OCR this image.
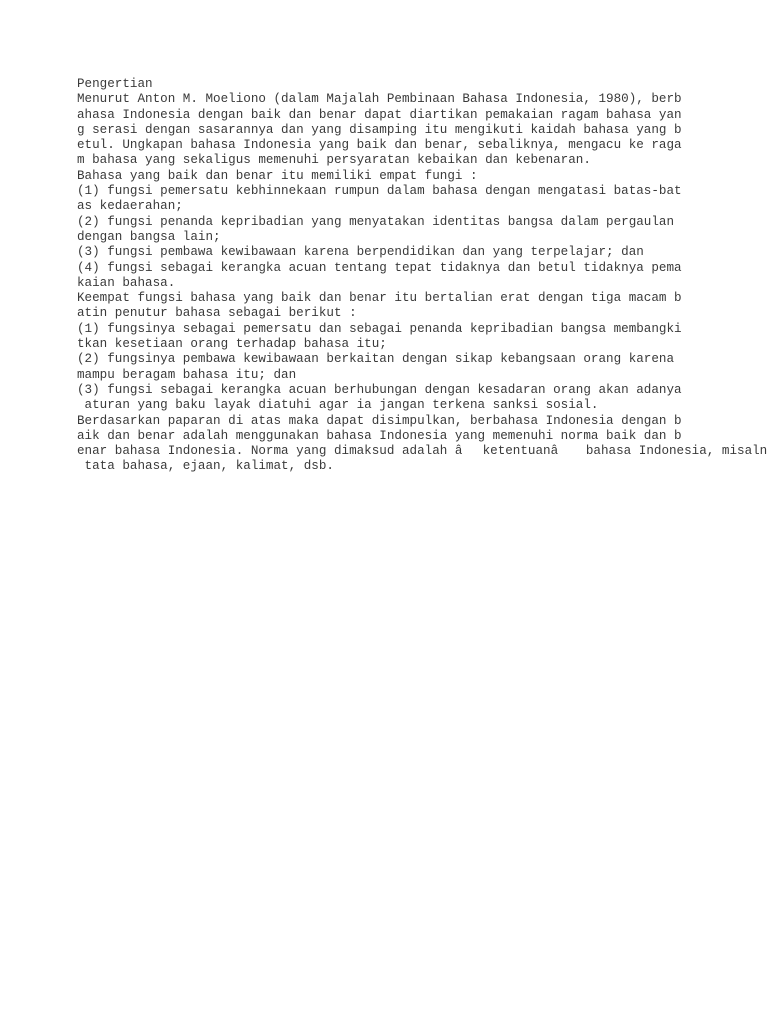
Pengertian
Menurut Anton M. Moeliono (dalam Majalah Pembinaan Bahasa Indonesia, 1980), berb
ahasa Indonesia dengan baik dan benar dapat diartikan pemakaian ragam bahasa yan
g serasi dengan sasarannya dan yang disamping itu mengikuti kaidah bahasa yang b
etul. Ungkapan bahasa Indonesia yang baik dan benar, sebaliknya, mengacu ke raga
m bahasa yang sekaligus memenuhi persyaratan kebaikan dan kebenaran.
Bahasa yang baik dan benar itu memiliki empat fungi :
(1) fungsi pemersatu kebhinnekaan rumpun dalam bahasa dengan mengatasi batas-bat
as kedaerahan;
(2) fungsi penanda kepribadian yang menyatakan identitas bangsa dalam pergaulan
dengan bangsa lain;
(3) fungsi pembawa kewibawaan karena berpendidikan dan yang terpelajar; dan
(4) fungsi sebagai kerangka acuan tentang tepat tidaknya dan betul tidaknya pema
kaian bahasa.
Keempat fungsi bahasa yang baik dan benar itu bertalian erat dengan tiga macam b
atin penutur bahasa sebagai berikut :
(1) fungsinya sebagai pemersatu dan sebagai penanda kepribadian bangsa membangki
tkan kesetiaan orang terhadap bahasa itu;
(2) fungsinya pembawa kewibawaan berkaitan dengan sikap kebangsaan orang karena
mampu beragam bahasa itu; dan
(3) fungsi sebagai kerangka acuan berhubungan dengan kesadaran orang akan adanya
aturan yang baku layak diatuhi agar ia jangan terkena sanksi sosial.
Berdasarkan paparan di atas maka dapat disimpulkan, berbahasa Indonesia dengan b
aik dan benar adalah menggunakan bahasa Indonesia yang memenuhi norma baik dan b
enar bahasa Indonesia. Norma yang dimaksud adalah âketentuanâ bahasa Indonesia, misaln
tata bahasa, ejaan, kalimat, dsb.
